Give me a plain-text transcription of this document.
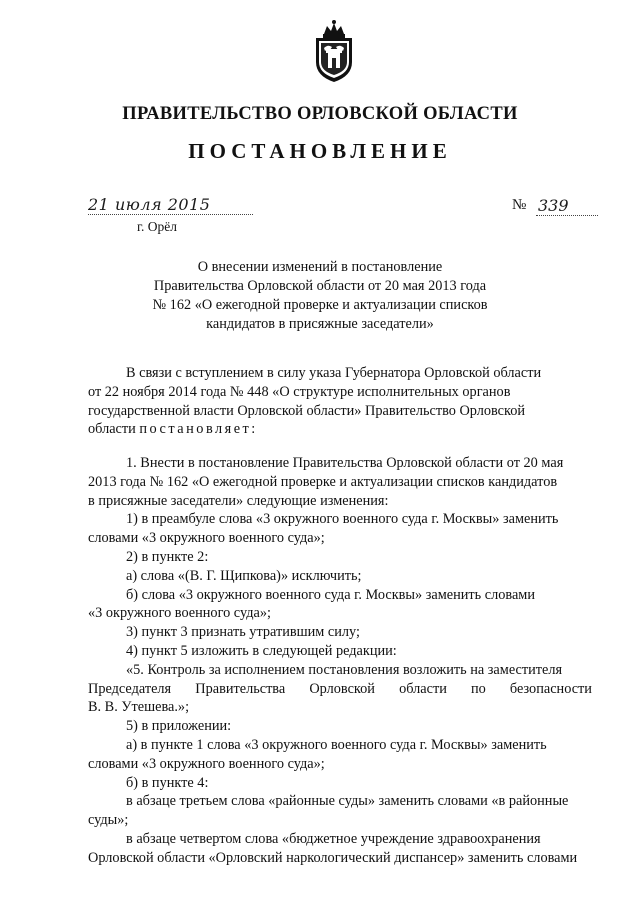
ПРАВИТЕЛЬСТВО ОРЛОВСКОЙ ОБЛАСТИ
ПОСТАНОВЛЕНИЕ
21 июля 2015
г. Орёл
№ 339
О внесении изменений в постановление
Правительства Орловской области от 20 мая 2013 года
№ 162 «О ежегодной проверке и актуализации списков
кандидатов в присяжные заседатели»
В связи с вступлением в силу указа Губернатора Орловской области
от 22 ноября 2014 года № 448 «О структуре исполнительных органов
государственной власти Орловской области» Правительство Орловской
области постановляет:
1. Внести в постановление Правительства Орловской области от 20 мая
2013 года № 162 «О ежегодной проверке и актуализации списков кандидатов
в присяжные заседатели» следующие изменения:
1) в преамбуле слова «3 окружного военного суда г. Москвы» заменить
словами «3 окружного военного суда»;
2) в пункте 2:
а) слова «(В. Г. Щипкова)» исключить;
б) слова «3 окружного военного суда г. Москвы» заменить словами
«3 окружного военного суда»;
3) пункт 3 признать утратившим силу;
4) пункт 5 изложить в следующей редакции:
«5. Контроль за исполнением постановления возложить на заместителя
Председателя Правительства Орловской области по безопасности
В. В. Утешева.»;
5) в приложении:
а) в пункте 1 слова «3 окружного военного суда г. Москвы» заменить
словами «3 окружного военного суда»;
б) в пункте 4:
в абзаце третьем слова «районные суды» заменить словами «в районные
суды»;
в абзаце четвертом слова «бюджетное учреждение здравоохранения
Орловской области «Орловский наркологический диспансер» заменить словами
